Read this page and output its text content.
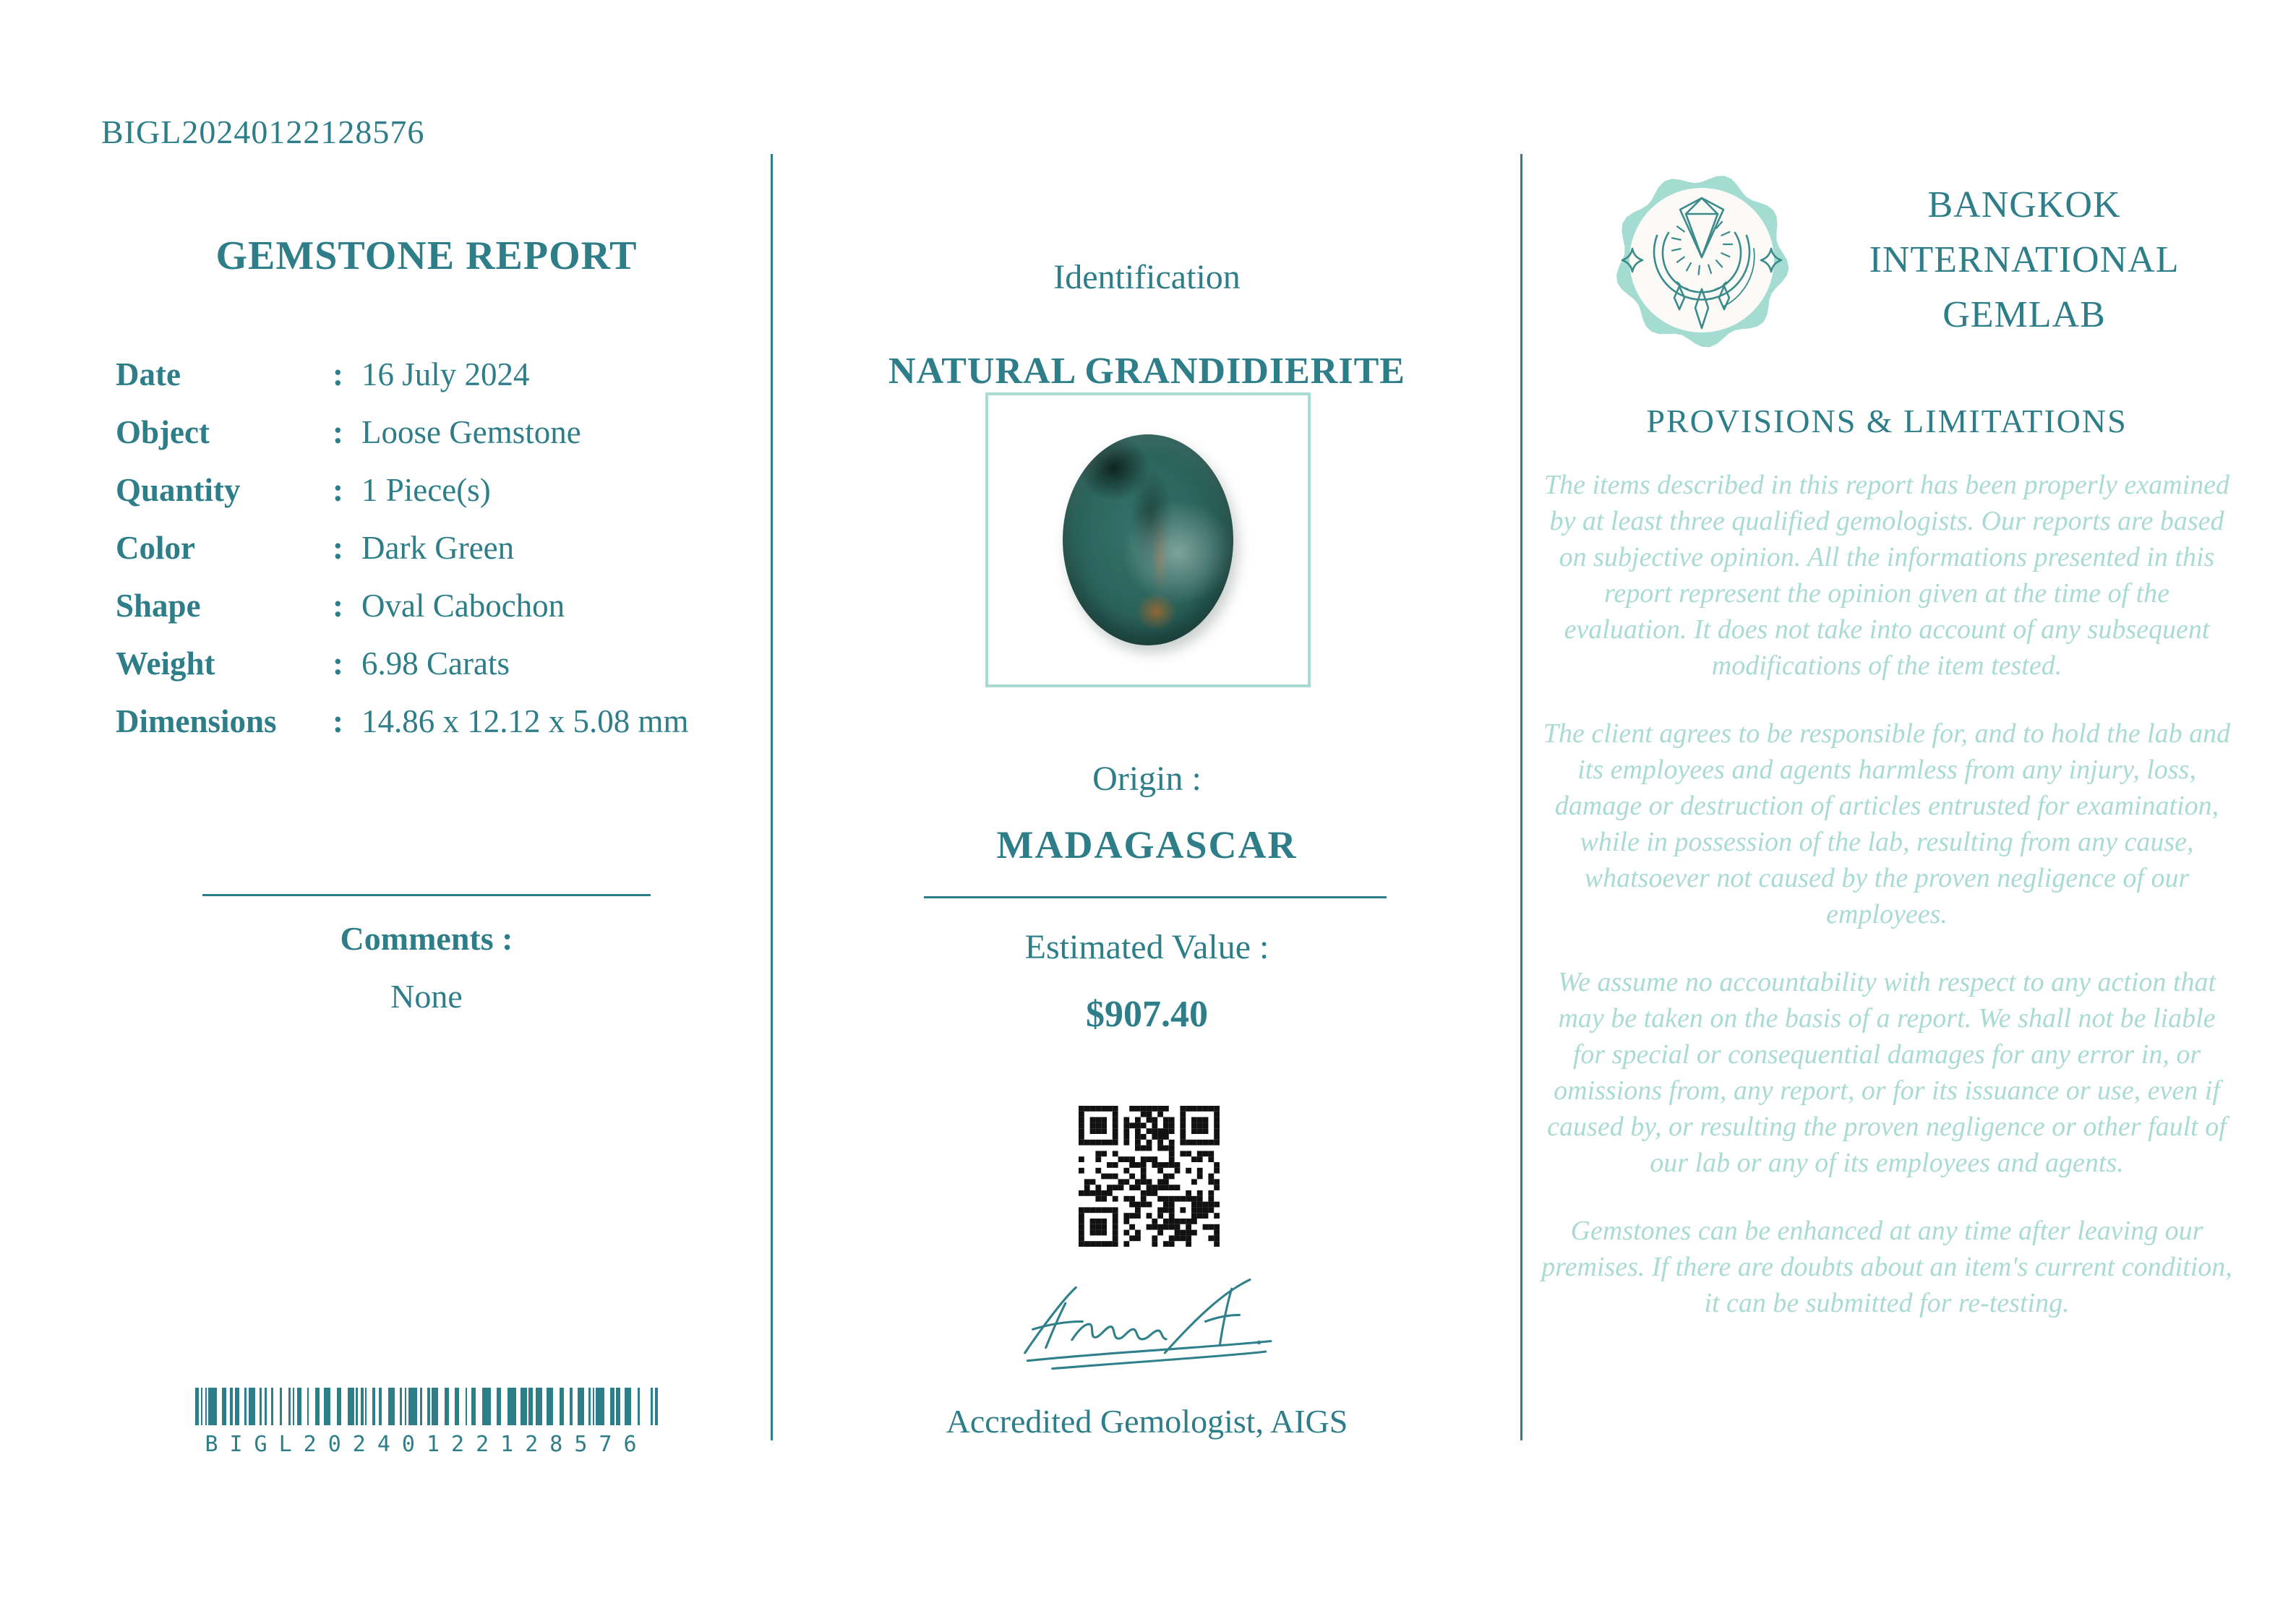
BIGL20240122128576
GEMSTONE REPORT
Date	: 16 July 2024
Object	: Loose Gemstone
Quantity	: 1 Piece(s)
Color	: Dark Green
Shape	: Oval Cabochon
Weight	: 6.98 Carats
Dimensions	: 14.86 x 12.12 x 5.08 mm
Comments :
None
BIGL20240122128576
Identification
NATURAL GRANDIDIERITE
Origin :
MADAGASCAR
Estimated Value :
$907.40
Accredited Gemologist, AIGS
BANGKOK
INTERNATIONAL
GEMLAB
PROVISIONS & LIMITATIONS

The items described in this report has been properly examined by at least three qualified gemologists. Our reports are based on subjective opinion. All the informations presented in this report represent the opinion given at the time of the evaluation. It does not take into account of any subsequent modifications of the item tested.

The client agrees to be responsible for, and to hold the lab and its employees and agents harmless from any injury, loss, damage or destruction of articles entrusted for examination, while in possession of the lab, resulting from any cause, whatsoever not caused by the proven negligence of our employees.

We assume no accountability with respect to any action that may be taken on the basis of a report. We shall not be liable for special or consequential damages for any error in, or omissions from, any report, or for its issuance or use, even if caused by, or resulting the proven negligence or other fault of our lab or any of its employees and agents.

Gemstones can be enhanced at any time after leaving our premises. If there are doubts about an item's current condition, it can be submitted for re-testing.
